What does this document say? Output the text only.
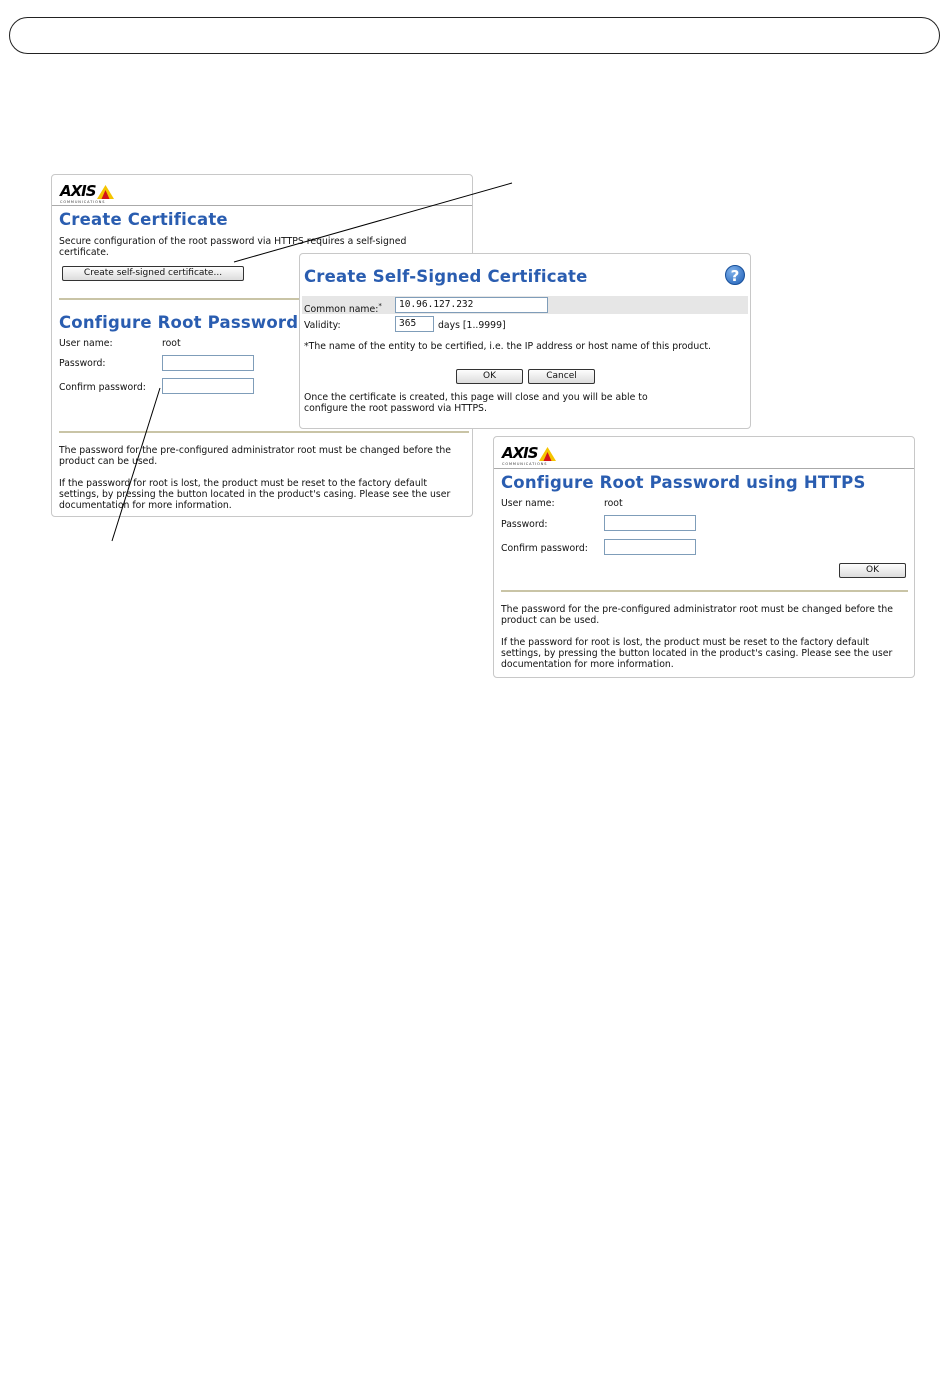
AXIS
COMMUNICATIONS
Create Certificate
Secure configuration of the root password via HTTPS requires a self-signed certificate.
Create self-signed certificate...
Configure Root Password
User name:	root
Password:
Confirm password:
The password for the pre-configured administrator root must be changed before the product can be used.
If the password for root is lost, the product must be reset to the factory default settings, by pressing the button located in the product's casing. Please see the user documentation for more information.
Create Self-Signed Certificate	?
Common name:*	10.96.127.232
Validity:	365	days [1..9999]
*The name of the entity to be certified, i.e. the IP address or host name of this product.
OK	Cancel
Once the certificate is created, this page will close and you will be able to configure the root password via HTTPS.
AXIS
COMMUNICATIONS
Configure Root Password using HTTPS
User name:	root
Password:
Confirm password:
OK
The password for the pre-configured administrator root must be changed before the product can be used.
If the password for root is lost, the product must be reset to the factory default settings, by pressing the button located in the product's casing. Please see the user documentation for more information.
